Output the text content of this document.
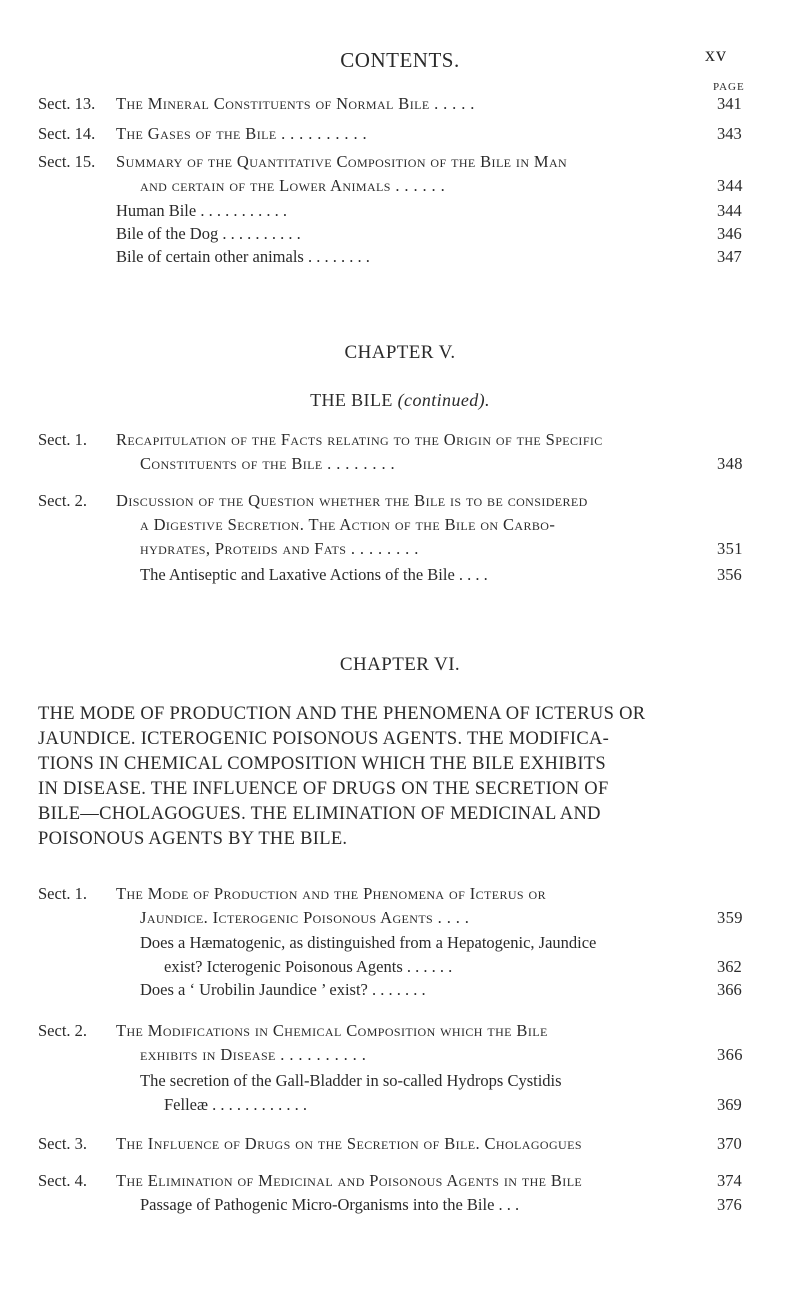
CONTENTS.	xv
PAGE
Sect. 13. The Mineral Constituents of Normal Bile . . . . .	341
Sect. 14. The Gases of the Bile . . . . . . . . . .	343
Sect. 15. Summary of the Quantitative Composition of the Bile in Man
and certain of the Lower Animals . . . . . .	344
Human Bile . . . . . . . . . . .	344
Bile of the Dog . . . . . . . . . .	346
Bile of certain other animals . . . . . . . .	347
CHAPTER V.
THE BILE (continued).
Sect. 1. Recapitulation of the Facts relating to the Origin of the Specific
Constituents of the Bile . . . . . . . .	348
Sect. 2. Discussion of the Question whether the Bile is to be considered
a Digestive Secretion. The Action of the Bile on Carbo-
hydrates, Proteids and Fats . . . . . . . .	351
The Antiseptic and Laxative Actions of the Bile . . . .	356
CHAPTER VI.
THE MODE OF PRODUCTION AND THE PHENOMENA OF ICTERUS OR
JAUNDICE. ICTEROGENIC POISONOUS AGENTS. THE MODIFICA-
TIONS IN CHEMICAL COMPOSITION WHICH THE BILE EXHIBITS
IN DISEASE. THE INFLUENCE OF DRUGS ON THE SECRETION OF
BILE—CHOLAGOGUES. THE ELIMINATION OF MEDICINAL AND
POISONOUS AGENTS BY THE BILE.
Sect. 1. The Mode of Production and the Phenomena of Icterus or
Jaundice. Icterogenic Poisonous Agents . . . .	359
Does a Hæmatogenic, as distinguished from a Hepatogenic, Jaundice
exist? Icterogenic Poisonous Agents . . . . . .	362
Does a ‘ Urobilin Jaundice ’ exist? . . . . . . .	366
Sect. 2. The Modifications in Chemical Composition which the Bile
exhibits in Disease . . . . . . . . . .	366
The secretion of the Gall-Bladder in so-called Hydrops Cystidis
Felleæ . . . . . . . . . . . .	369
Sect. 3. The Influence of Drugs on the Secretion of Bile. Cholagogues	370
Sect. 4. The Elimination of Medicinal and Poisonous Agents in the Bile	374
Passage of Pathogenic Micro-Organisms into the Bile . . .	376
